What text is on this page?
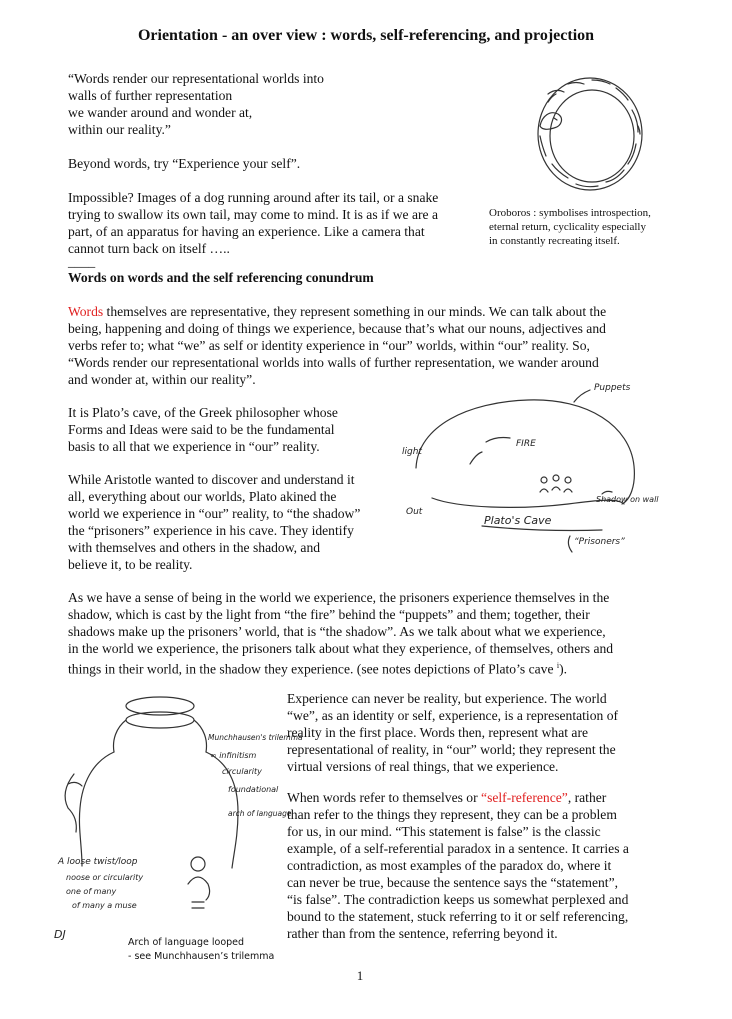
Orientation - an over view : words, self-referencing, and projection
“Words render our representational worlds into
walls of further representation
we wander around and wonder at,
within our reality.”
Beyond words, try “Experience your self”.
Impossible? Images of a dog running around after its tail, or a snake
trying to swallow its own tail, may come to mind. It is as if we are a
part, of an apparatus for having an experience. Like a camera that
cannot turn back on itself …..
Oroboros : symbolises introspection,
eternal return, cyclicality especially
in constantly recreating itself.
____
Words on words and the self referencing conundrum
Words themselves are representative, they represent something in our minds. We can talk about the
being, happening and doing of things we experience, because that’s what our nouns, adjectives and
verbs refer to; what “we” as self or identity experience in “our” worlds, within “our” reality. So,
“Words render our representational worlds into walls of further representation, we wander around
and wonder at, within our reality”.
It is Plato’s cave, of the Greek philosopher whose
Forms and Ideas were said to be the fundamental
basis to all that we experience in “our” reality.
While Aristotle wanted to discover and understand it
all, everything about our worlds, Plato akined the
world we experience in “our” reality, to “the shadow”
the “prisoners” experience in his cave. They identify
with themselves and others in the shadow, and
believe it, to be reality.
Puppets
light
FIRE
Shadow on wall
Out
Plato's Cave
“Prisoners”
As we have a sense of being in the world we experience, the prisoners experience themselves in the
shadow, which is cast by the light from “the fire” behind the “puppets” and them; together, their
shadows make up the prisoners’ world, that is “the shadow”. As we talk about what we experience,
in the world we experience, the prisoners talk about what they experience, of themselves, others and
things in their world, in the shadow they experience. (see notes depictions of Plato’s cave $^i$).
Experience can never be reality, but experience. The world
“we”, as an identity or self, experience, is a representation of
reality in the first place. Words then, represent what are
representational of reality, in “our” world; they represent the
virtual versions of real things, that we experience.
When words refer to themselves or “self-reference”, rather
than refer to the things they represent, they can be a problem
for us, in our mind. “This statement is false” is the classic
example, of a self-referential paradox in a sentence. It carries a
contradiction, as most examples of the paradox do, where it
can never be true, because the sentence says the “statement”,
“is false”. The contradiction keeps us somewhat perplexed and
bound to the statement, stuck referring to it or self referencing,
rather than from the sentence, referring beyond it.
Munchhausen's trilemma
∞ infinitism
circularity
foundational
arch of language
A loose twist/loop
noose or circularity
one of many
of many a muse
DJ
Arch of language looped
- see Munchhausen’s trilemma
1
